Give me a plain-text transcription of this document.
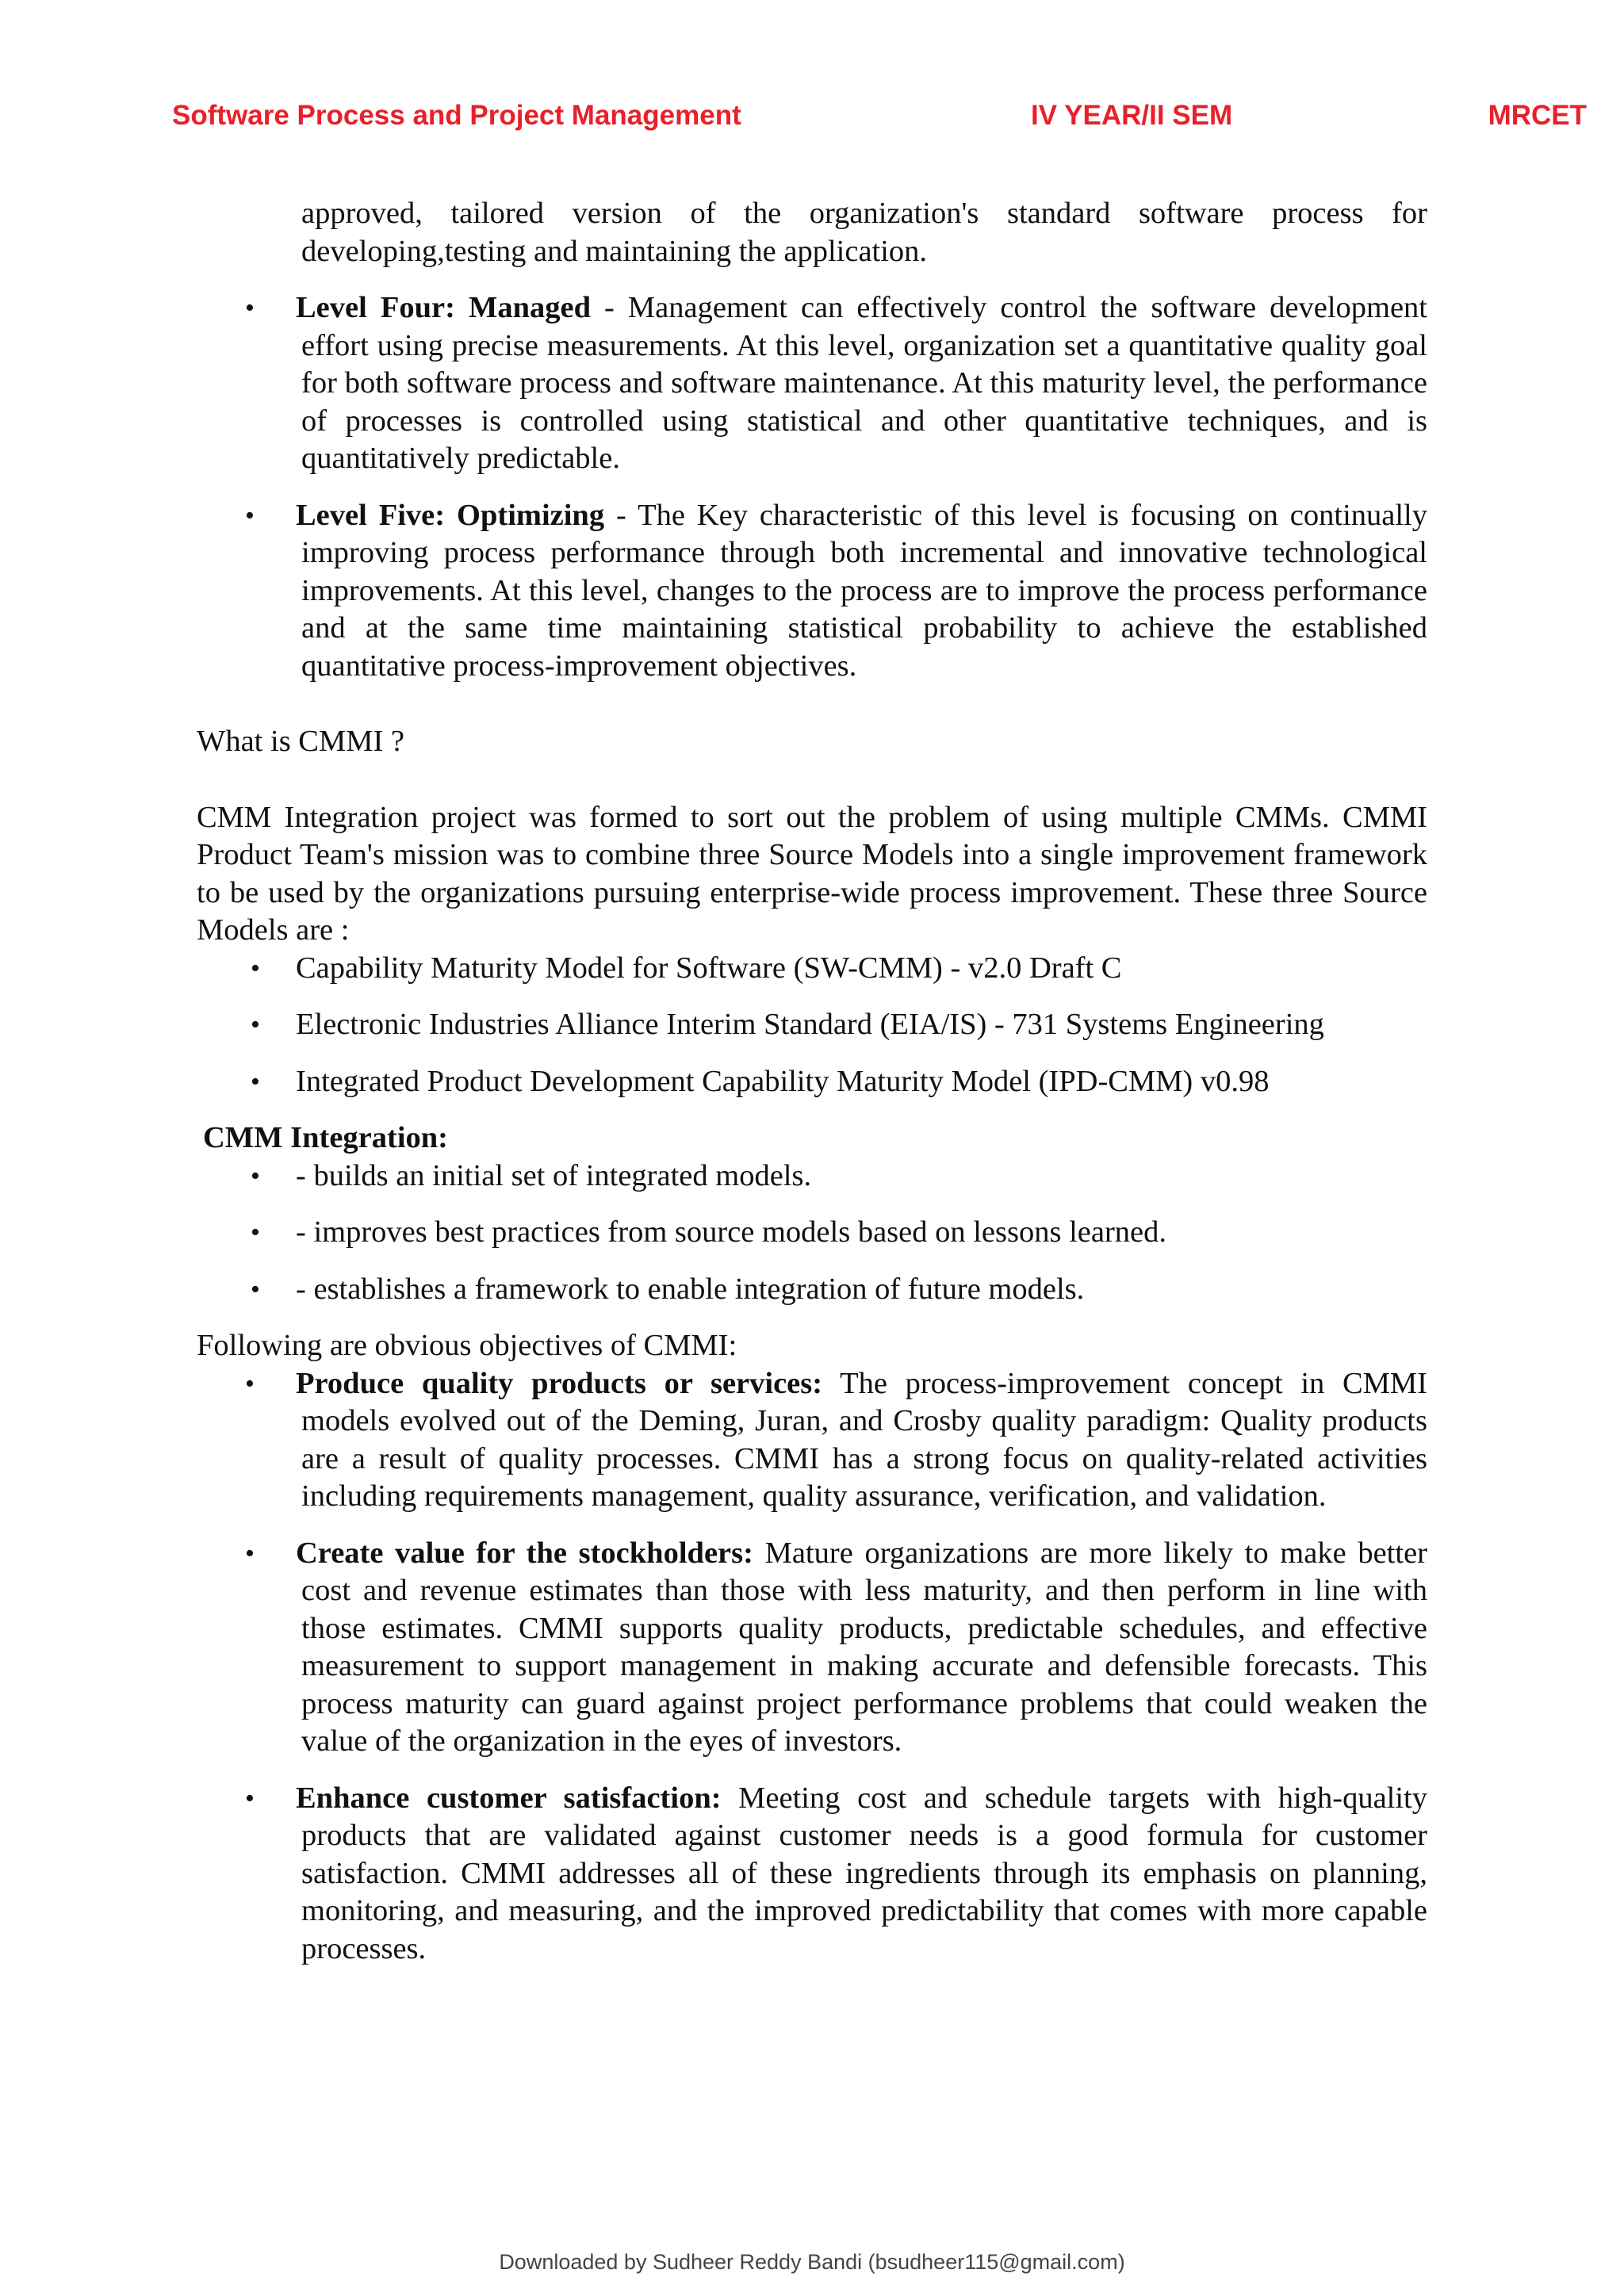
Software Process and Project Management	IV YEAR/II SEM	MRCET

approved, tailored version of the organization's standard software process for developing,testing and maintaining the application.

• Level Four: Managed - Management can effectively control the software development effort using precise measurements. At this level, organization set a quantitative quality goal for both software process and software maintenance. At this maturity level, the performance of processes is controlled using statistical and other quantitative techniques, and is quantitatively predictable.
• Level Five: Optimizing - The Key characteristic of this level is focusing on continually improving process performance through both incremental and innovative technological improvements. At this level, changes to the process are to improve the process performance and at the same time maintaining statistical probability to achieve the established quantitative process-improvement objectives.

What is CMMI ?

CMM Integration project was formed to sort out the problem of using multiple CMMs. CMMI Product Team's mission was to combine three Source Models into a single improvement framework to be used by the organizations pursuing enterprise-wide process improvement. These three Source Models are :

• Capability Maturity Model for Software (SW-CMM) - v2.0 Draft C
• Electronic Industries Alliance Interim Standard (EIA/IS) - 731 Systems Engineering
• Integrated Product Development Capability Maturity Model (IPD-CMM) v0.98

CMM Integration:

• - builds an initial set of integrated models.
• - improves best practices from source models based on lessons learned.
• - establishes a framework to enable integration of future models.

Following are obvious objectives of CMMI:

• Produce quality products or services: The process-improvement concept in CMMI models evolved out of the Deming, Juran, and Crosby quality paradigm: Quality products are a result of quality processes. CMMI has a strong focus on quality-related activities including requirements management, quality assurance, verification, and validation.
• Create value for the stockholders: Mature organizations are more likely to make better cost and revenue estimates than those with less maturity, and then perform in line with those estimates. CMMI supports quality products, predictable schedules, and effective measurement to support management in making accurate and defensible forecasts. This process maturity can guard against project performance problems that could weaken the value of the organization in the eyes of investors.
• Enhance customer satisfaction: Meeting cost and schedule targets with high-quality products that are validated against customer needs is a good formula for customer satisfaction. CMMI addresses all of these ingredients through its emphasis on planning, monitoring, and measuring, and the improved predictability that comes with more capable processes.
Downloaded by Sudheer Reddy Bandi (bsudheer115@gmail.com)
